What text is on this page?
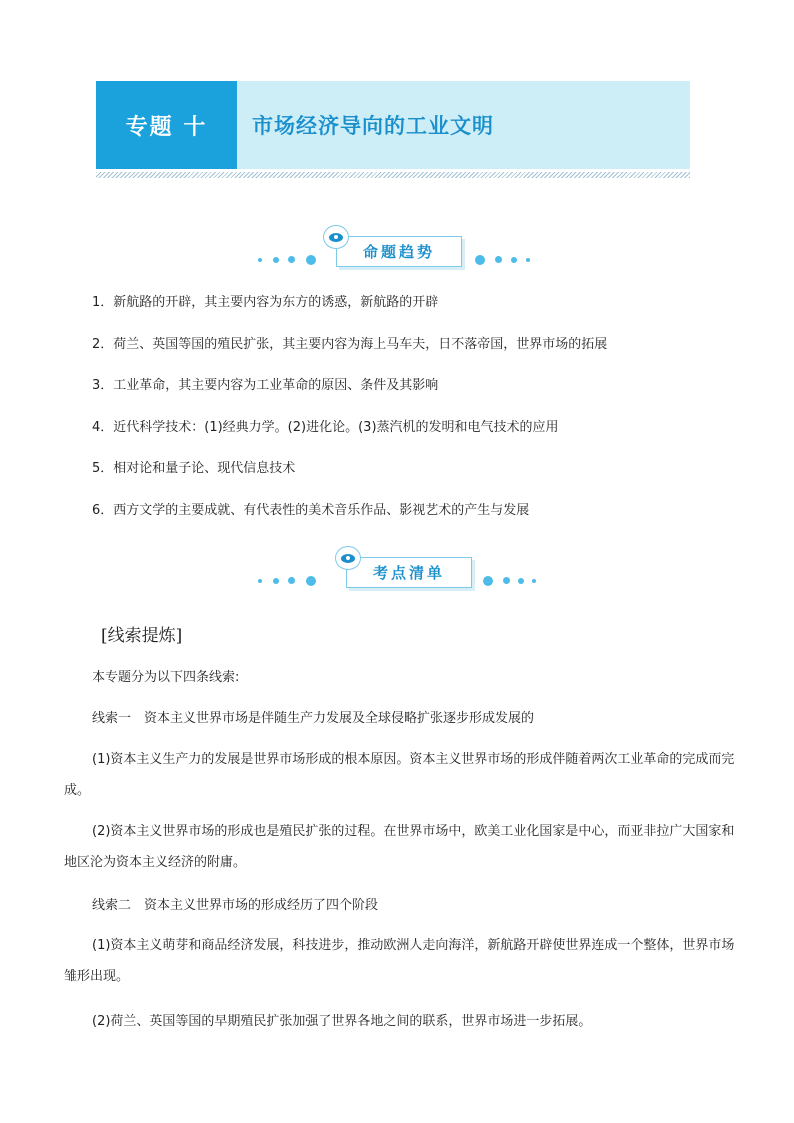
专题 十 市场经济导向的工业文明
命题趋势
1．新航路的开辟，其主要内容为东方的诱惑，新航路的开辟
2．荷兰、英国等国的殖民扩张，其主要内容为海上马车夫，日不落帝国，世界市场的拓展
3．工业革命，其主要内容为工业革命的原因、条件及其影响
4．近代科学技术：(1)经典力学。(2)进化论。(3)蒸汽机的发明和电气技术的应用
5．相对论和量子论、现代信息技术
6．西方文学的主要成就、有代表性的美术音乐作品、影视艺术的产生与发展
考点清单
[线索提炼]
本专题分为以下四条线索:
线索一　资本主义世界市场是伴随生产力发展及全球侵略扩张逐步形成发展的

(1)资本主义生产力的发展是世界市场形成的根本原因。资本主义世界市场的形成伴随着两次工业革命的完成而完成。

(2)资本主义世界市场的形成也是殖民扩张的过程。在世界市场中，欧美工业化国家是中心，而亚非拉广大国家和地区沦为资本主义经济的附庸。

线索二　资本主义世界市场的形成经历了四个阶段

(1)资本主义萌芽和商品经济发展，科技进步，推动欧洲人走向海洋，新航路开辟使世界连成一个整体，世界市场雏形出现。

(2)荷兰、英国等国的早期殖民扩张加强了世界各地之间的联系，世界市场进一步拓展。
